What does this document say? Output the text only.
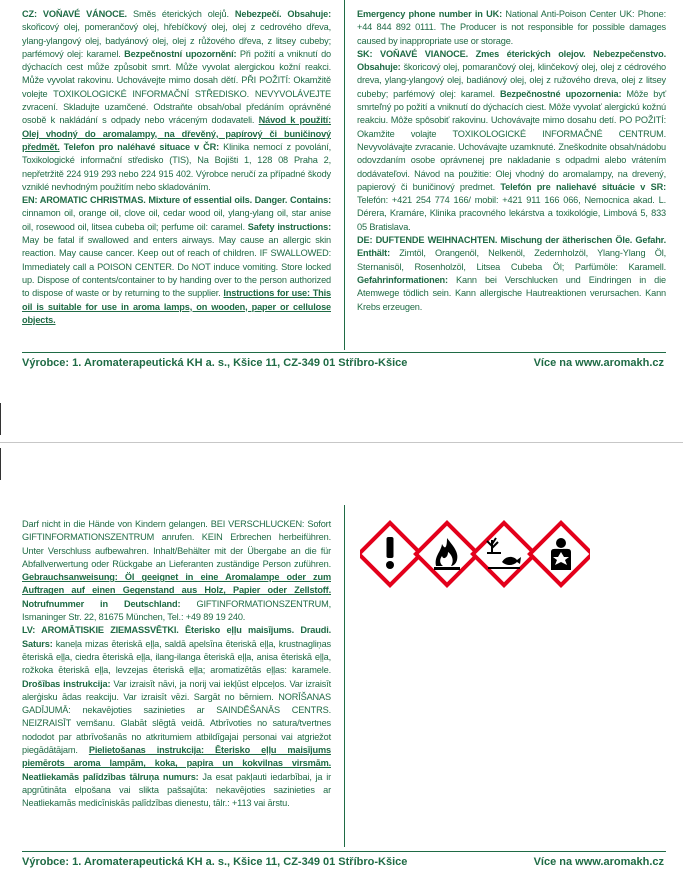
CZ: VOŇAVÉ VÁNOCE. Směs éterických olejů. Nebezpečí. Obsahuje: skořicový olej, pomerančový olej, hřebíčkový olej, olej z cedrového dřeva, ylang-ylangový olej, badyánový olej, olej z růžového dřeva, z litsey cubeby; parfémový olej: karamel. Bezpečnostní upozornění: Při požití a vniknutí do dýchacích cest může způsobit smrt. Může vyvolat alergickou kožní reakci. Může vyvolat rakovinu. Uchovávejte mimo dosah dětí. PŘI POŽITÍ: Okamžitě volejte TOXIKOLOGICKÉ INFORMAČNÍ STŘEDISKO. NEVYVOLÁVEJTE zvracení. Skladujte uzamčené. Odstraňte obsah/obal předáním oprávněné osobě k nakládání s odpady nebo vráceným dodavateli. Návod k použití: Olej vhodný do aromalampy, na dřevěný, papírový či buničinový předmět. Telefon pro naléhavé situace v ČR: Klinika nemocí z povolání, Toxikologické informační středisko (TIS), Na Bojišti 1, 128 08 Praha 2, nepřetržitě 224 919 293 nebo 224 915 402. Výrobce neručí za případné škody vzniklé nevhodným použitím nebo skladováním.

EN: AROMATIC CHRISTMAS. Mixture of essential oils. Danger. Contains: cinnamon oil, orange oil, clove oil, cedar wood oil, ylang-ylang oil, star anise oil, rosewood oil, litsea cubeba oil; perfume oil: caramel. Safety instructions: May be fatal if swallowed and enters airways. May cause an allergic skin reaction. May cause cancer. Keep out of reach of children. IF SWALLOWED: Immediately call a POISON CENTER. Do NOT induce vomiting. Store locked up. Dispose of contents/container to by handing over to the person authorized to dispose of waste or by returning to the supplier. Instructions for use: This oil is suitable for use in aroma lamps, on wooden, paper or cellulose objects.

Emergency phone number in UK: National Anti-Poison Center UK: Phone: +44 844 892 0111. The Producer is not responsible for possible damages caused by inappropriate use or storage.

SK: VOŇAVÉ VIANOCE. Zmes éterických olejov. Nebezpečenstvo. Obsahuje: škoricový olej, pomarančový olej, klinčekový olej, olej z cédrového dreva, ylang-ylangový olej, badiánový olej, olej z ružového dreva, olej z litsey cubeby; parfémový olej: karamel. Bezpečnostné upozornenia: Môže byť smrteľný po požití a vniknutí do dýchacích ciest. Môže vyvolať alergickú kožnú reakciu. Môže spôsobiť rakovinu. Uchovávajte mimo dosahu detí. PO POŽITÍ: Okamžite volajte TOXIKOLOGICKÉ INFORMAČNÉ CENTRUM. Nevyvolávajte zvracanie. Uchovávajte uzamknuté. Zneškodnite obsah/nádobu odovzdaním osobe oprávnenej pre nakladanie s odpadmi alebo vrátením dodávateľovi. Návod na použitie: Olej vhodný do aromalampy, na drevený, papierový či buničinový predmet. Telefón pre naliehavé situácie v SR: Telefón: +421 254 774 166/ mobil: +421 911 166 066, Nemocnica akad. L. Dérera, Kramáre, Klinika pracovného lekárstva a toxikológie, Limbová 5, 833 05 Bratislava.

DE: DUFTENDE WEIHNACHTEN. Mischung der ätherischen Öle. Gefahr. Enthält: Zimtöl, Orangenöl, Nelkenöl, Zedernholzöl, Ylang-Ylang Öl, Sternanisöl, Rosenholzöl, Litsea Cubeba Öl; Parfümöle: Karamell. Gefahrinformationen: Kann bei Verschlucken und Eindringen in die Atemwege tödlich sein. Kann allergische Hautreaktionen verursachen. Kann Krebs erzeugen.

Výrobce: 1. Aromaterapeutická KH a. s., Kšice 11, CZ-349 01 Stříbro-Kšice	Více na www.aromakh.cz

Darf nicht in die Hände von Kindern gelangen. BEI VERSCHLUCKEN: Sofort GIFTINFORMATIONSZENTRUM anrufen. KEIN Erbrechen herbeiführen. Unter Verschluss aufbewahren. Inhalt/Behälter mit der Übergabe an die für Abfallverwertung oder Rückgabe an Lieferanten zuständige Person zuführen. Gebrauchsanweisung: Öl geeignet in eine Aromalampe oder zum Auftragen auf einen Gegenstand aus Holz, Papier oder Zellstoff. Notrufnummer in Deutschland: GIFTINFORMATIONSZENTRUM, Ismaninger Str. 22, 81675 München, Tel.: +49 89 19 240.

LV: AROMĀTISKIE ZIEMASSVĒTKI. Ēterisko eļļu maisījums. Draudi. Saturs: kaneļa mizas ēteriskā eļļa, saldā apelsīna ēteriskā eļļa, krustnagliņas ēteriskā eļļa, ciedra ēteriskā eļļa, ilang-ilanga ēteriskā eļļa, anisa ēteriskā eļļa, rožkoka ēteriskā eļļa, levzejas ēteriskā eļļa; aromatizētās eļļas: karamele. Drošības instrukcija: Var izraisīt nāvi, ja norij vai iekļūst elpceļos. Var izraisīt alerģisku ādas reakciju. Var izraisīt vēzi. Sargāt no bērniem. NORĪŠANAS GADĪJUMĀ: nekavējoties sazinieties ar SAINDĒŠANĀS CENTRS. NEIZRAISĪT vemšanu. Glabāt slēgtā veidā. Atbrīvoties no satura/tvertnes nododot par atbrīvošanās no atkritumiem atbildīgajai personai vai atgriežot piegādātājam. Pielietošanas instrukcija: Ēterisko eļļu maisījums piemērots aroma lampām, koka, papira un kokvilnas virsmām. Neatliekamās palīdzības tālruņa numurs: Ja esat pakļauti iedarbībai, ja ir apgrūtināta elpošana vai slikta pašsajūta: nekavējoties sazinieties ar Neatliekamās medicīniskās palīdzības dienestu, tālr.: +113 vai ārstu.

Výrobce: 1. Aromaterapeutická KH a. s., Kšice 11, CZ-349 01 Stříbro-Kšice	Více na www.aromakh.cz
